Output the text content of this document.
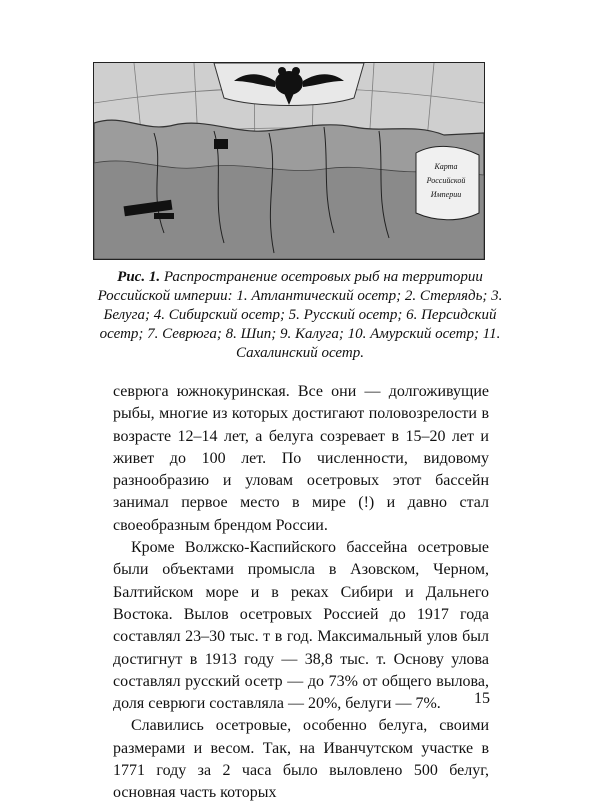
Карта
Российской
Империи

Рис. 1. Распространение осетровых рыб на территории Российской империи: 1. Атлантический осетр; 2. Стерлядь; 3. Белуга; 4. Сибирский осетр; 5. Русский осетр; 6. Персидский осетр; 7. Севрюга; 8. Шип; 9. Калуга; 10. Амурский осетр; 11. Сахалинский осетр.

севрюга южнокуринская. Все они — долгоживущие рыбы, многие из которых достигают половозрелости в возрасте 12–14 лет, а белуга созревает в 15–20 лет и живет до 100 лет. По численности, видовому разнообразию и уловам осетровых этот бассейн занимал первое место в мире (!) и давно стал своеобразным брендом России.

Кроме Волжско-Каспийского бассейна осетровые были объектами промысла в Азовском, Черном, Балтийском море и в реках Сибири и Дальнего Востока. Вылов осетровых Россией до 1917 года составлял 23–30 тыс. т в год. Максимальный улов был достигнут в 1913 году — 38,8 тыс. т. Основу улова составлял русский осетр — до 73% от общего вылова, доля севрюги составляла — 20%, белуги — 7%.

Славились осетровые, особенно белуга, своими размерами и весом. Так, на Иванчутском участке в 1771 году за 2 часа было выловлено 500 белуг, основная часть которых

15
